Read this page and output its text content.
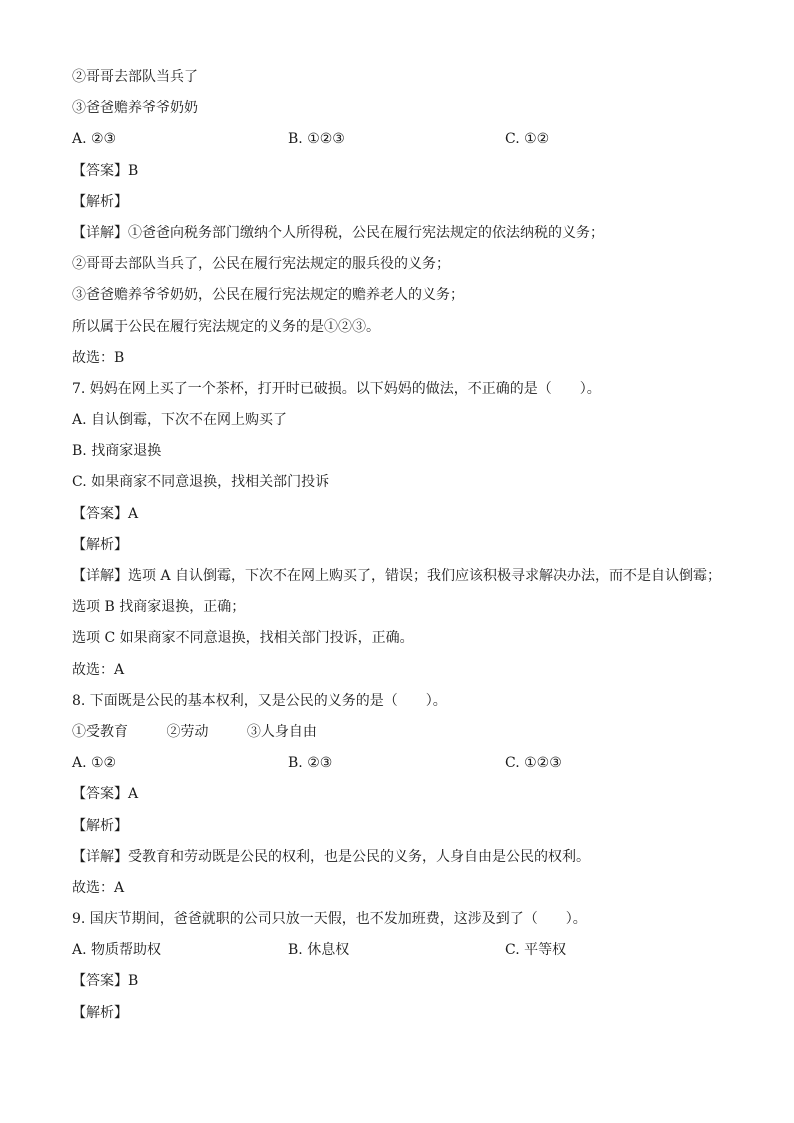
②哥哥去部队当兵了
③爸爸赡养爷爷奶奶
A. ②③	B. ①②③	C. ①②
【答案】B
【解析】
【详解】①爸爸向税务部门缴纳个人所得税，公民在履行宪法规定的依法纳税的义务；
②哥哥去部队当兵了，公民在履行宪法规定的服兵役的义务；
③爸爸赡养爷爷奶奶，公民在履行宪法规定的赡养老人的义务；
所以属于公民在履行宪法规定的义务的是①②③。
故选：B
7. 妈妈在网上买了一个茶杯，打开时已破损。以下妈妈的做法，不正确的是（　　）。
A. 自认倒霉，下次不在网上购买了
B. 找商家退换
C. 如果商家不同意退换，找相关部门投诉
【答案】A
【解析】
【详解】选项 A 自认倒霉，下次不在网上购买了，错误；我们应该积极寻求解决办法，而不是自认倒霉；
选项 B 找商家退换，正确；
选项 C 如果商家不同意退换，找相关部门投诉，正确。
故选：A
8. 下面既是公民的基本权利，又是公民的义务的是（　　）。
①受教育	②劳动	③人身自由
A. ①②	B. ②③	C. ①②③
【答案】A
【解析】
【详解】受教育和劳动既是公民的权利，也是公民的义务，人身自由是公民的权利。
故选：A
9. 国庆节期间，爸爸就职的公司只放一天假，也不发加班费，这涉及到了（　　）。
A. 物质帮助权	B. 休息权	C. 平等权
【答案】B
【解析】
